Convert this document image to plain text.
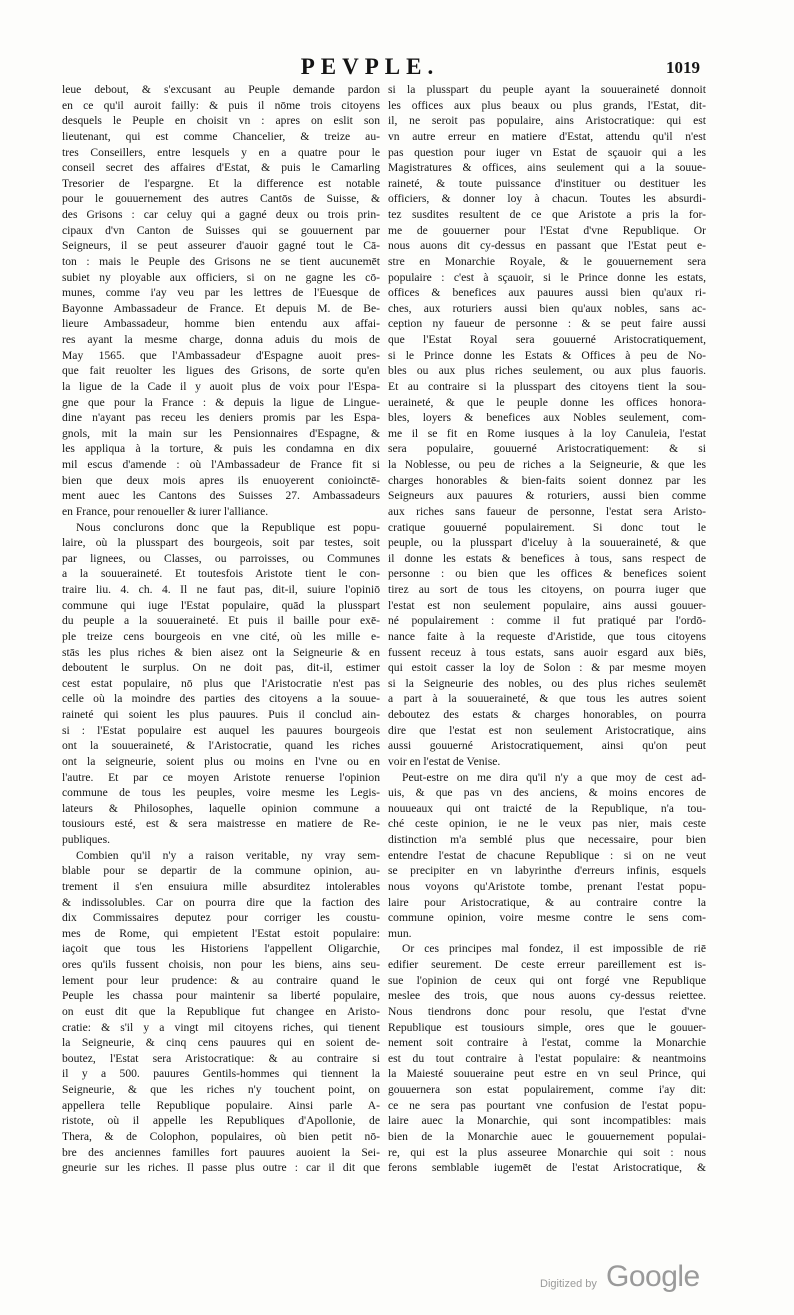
PEVPLE.	1019
leue debout, & s'excusant au Peuple demande pardon
en ce qu'il auroit failly: & puis il nōme trois citoyens
desquels le Peuple en choisit vn : apres on eslit son
lieutenant, qui est comme Chancelier, & treize au-
tres Conseillers, entre lesquels y en a quatre pour le
conseil secret des affaires d'Estat, & puis le Camarling
Tresorier de l'espargne. Et la difference est notable
pour le gouuernement des autres Cantōs de Suisse, &
des Grisons : car celuy qui a gagné deux ou trois prin-
cipaux d'vn Canton de Suisses qui se gouuernent par
Seigneurs, il se peut asseurer d'auoir gagné tout le Cā-
ton : mais le Peuple des Grisons ne se tient aucunemēt
subiet ny ployable aux officiers, si on ne gagne les cō-
munes, comme i'ay veu par les lettres de l'Euesque de
Bayonne Ambassadeur de France. Et depuis M. de Be-
lieure Ambassadeur, homme bien entendu aux affai-
res ayant la mesme charge, donna aduis du mois de
May 1565. que l'Ambassadeur d'Espagne auoit pres-
que fait reuolter les ligues des Grisons, de sorte qu'en
la ligue de la Cade il y auoit plus de voix pour l'Espa-
gne que pour la France : & depuis la ligue de Lingue-
dine n'ayant pas receu les deniers promis par les Espa-
gnols, mit la main sur les Pensionnaires d'Espagne, &
les appliqua à la torture, & puis les condamna en dix
mil escus d'amende : où l'Ambassadeur de France fit si
bien que deux mois apres ils enuoyerent conioinctē-
ment auec les Cantons des Suisses 27. Ambassadeurs
en France, pour renoueller & iurer l'alliance.
Nous conclurons donc que la Republique est popu-
laire, où la plusspart des bourgeois, soit par testes, soit
par lignees, ou Classes, ou parroisses, ou Communes
a la souueraineté. Et toutesfois Aristote tient le con-
traire liu. 4. ch. 4. Il ne faut pas, dit-il, suiure l'opiniō
commune qui iuge l'Estat populaire, quād la plusspart
du peuple a la souueraineté. Et puis il baille pour exē-
ple treize cens bourgeois en vne cité, où les mille e-
stās les plus riches & bien aisez ont la Seigneurie & en
deboutent le surplus. On ne doit pas, dit-il, estimer
cest estat populaire, nō plus que l'Aristocratie n'est pas
celle où la moindre des parties des citoyens a la souue-
raineté qui soient les plus pauures. Puis il conclud ain-
si : l'Estat populaire est auquel les pauures bourgeois
ont la souueraineté, & l'Aristocratie, quand les riches
ont la seigneurie, soient plus ou moins en l'vne ou en
l'autre. Et par ce moyen Aristote renuerse l'opinion
commune de tous les peuples, voire mesme les Legis-
lateurs & Philosophes, laquelle opinion commune a
tousiours esté, est & sera maistresse en matiere de Re-
publiques.
Combien qu'il n'y a raison veritable, ny vray sem-
blable pour se departir de la commune opinion, au-
trement il s'en ensuiura mille absurditez intolerables
& indissolubles. Car on pourra dire que la faction des
dix Commissaires deputez pour corriger les coustu-
mes de Rome, qui empietent l'Estat estoit populaire:
iaçoit que tous les Historiens l'appellent Oligarchie,
ores qu'ils fussent choisis, non pour les biens, ains seu-
lement pour leur prudence: & au contraire quand le
Peuple les chassa pour maintenir sa liberté populaire,
on eust dit que la Republique fut changee en Aristo-
cratie: & s'il y a vingt mil citoyens riches, qui tienent
la Seigneurie, & cinq cens pauures qui en soient de-
boutez, l'Estat sera Aristocratique: & au contraire si
il y a 500. pauures Gentils-hommes qui tiennent la
Seigneurie, & que les riches n'y touchent point, on
appellera telle Republique populaire. Ainsi parle A-
ristote, où il appelle les Republiques d'Apollonie, de
Thera, & de Colophon, populaires, où bien petit nō-
bre des anciennes familles fort pauures auoient la Sei-
gneurie sur les riches. Il passe plus outre : car il dit que
si la plusspart du peuple ayant la souueraineté donnoit
les offices aux plus beaux ou plus grands, l'Estat, dit-
il, ne seroit pas populaire, ains Aristocratique: qui est
vn autre erreur en matiere d'Estat, attendu qu'il n'est
pas question pour iuger vn Estat de sçauoir qui a les
Magistratures & offices, ains seulement qui a la souue-
raineté, & toute puissance d'instituer ou destituer les
officiers, & donner loy à chacun. Toutes les absurdi-
tez susdites resultent de ce que Aristote a pris la for-
me de gouuerner pour l'Estat d'vne Republique. Or
nous auons dit cy-dessus en passant que l'Estat peut e-
stre en Monarchie Royale, & le gouuernement sera
populaire : c'est à sçauoir, si le Prince donne les estats,
offices & benefices aux pauures aussi bien qu'aux ri-
ches, aux roturiers aussi bien qu'aux nobles, sans ac-
ception ny faueur de personne : & se peut faire aussi
que l'Estat Royal sera gouuerné Aristocratiquement,
si le Prince donne les Estats & Offices à peu de No-
bles ou aux plus riches seulement, ou aux plus fauoris.
Et au contraire si la plusspart des citoyens tient la sou-
ueraineté, & que le peuple donne les offices honora-
bles, loyers & benefices aux Nobles seulement, com-
me il se fit en Rome iusques à la loy Canuleia, l'estat
sera populaire, gouuerné Aristocratiquement: & si
la Noblesse, ou peu de riches a la Seigneurie, & que les
charges honorables & bien-faits soient donnez par les
Seigneurs aux pauures & roturiers, aussi bien comme
aux riches sans faueur de personne, l'estat sera Aristo-
cratique gouuerné populairement. Si donc tout le
peuple, ou la plusspart d'iceluy à la souueraineté, & que
il donne les estats & benefices à tous, sans respect de
personne : ou bien que les offices & benefices soient
tirez au sort de tous les citoyens, on pourra iuger que
l'estat est non seulement populaire, ains aussi gouuer-
né populairement : comme il fut pratiqué par l'ordō-
nance faite à la requeste d'Aristide, que tous citoyens
fussent receuz à tous estats, sans auoir esgard aux biēs,
qui estoit casser la loy de Solon : & par mesme moyen
si la Seigneurie des nobles, ou des plus riches seulemēt
a part à la souueraineté, & que tous les autres soient
deboutez des estats & charges honorables, on pourra
dire que l'estat est non seulement Aristocratique, ains
aussi gouuerné Aristocratiquement, ainsi qu'on peut
voir en l'estat de Venise.
Peut-estre on me dira qu'il n'y a que moy de cest ad-
uis, & que pas vn des anciens, & moins encores de
nouueaux qui ont traicté de la Republique, n'a tou-
ché ceste opinion, ie ne le veux pas nier, mais ceste
distinction m'a semblé plus que necessaire, pour bien
entendre l'estat de chacune Republique : si on ne veut
se precipiter en vn labyrinthe d'erreurs infinis, esquels
nous voyons qu'Aristote tombe, prenant l'estat popu-
laire pour Aristocratique, & au contraire contre la
commune opinion, voire mesme contre le sens com-
mun.
Or ces principes mal fondez, il est impossible de riē
edifier seurement. De ceste erreur pareillement est is-
sue l'opinion de ceux qui ont forgé vne Republique
meslee des trois, que nous auons cy-dessus reiettee.
Nous tiendrons donc pour resolu, que l'estat d'vne
Republique est tousiours simple, ores que le gouuer-
nement soit contraire à l'estat, comme la Monarchie
est du tout contraire à l'estat populaire: & neantmoins
la Maiesté souueraine peut estre en vn seul Prince, qui
gouuernera son estat populairement, comme i'ay dit:
ce ne sera pas pourtant vne confusion de l'estat popu-
laire auec la Monarchie, qui sont incompatibles: mais
bien de la Monarchie auec le gouuernement populai-
re, qui est la plus asseuree Monarchie qui soit : nous
ferons semblable iugemēt de l'estat Aristocratique, &
Digitized by Google
